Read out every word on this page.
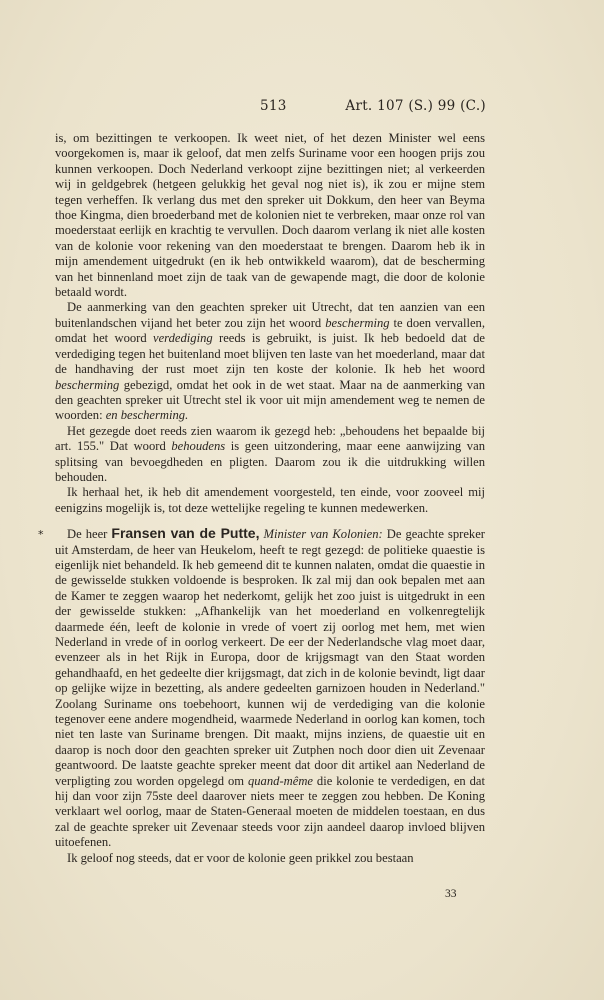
513	Art. 107 (S.) 99 (C.)
*

is, om bezittingen te verkoopen. Ik weet niet, of het dezen Minister wel eens voorgekomen is, maar ik geloof, dat men zelfs Suriname voor een hoogen prijs zou kunnen verkoopen. Doch Nederland verkoopt zijne bezittingen niet; al verkeerden wij in geldgebrek (hetgeen gelukkig het geval nog niet is), ik zou er mijne stem tegen verheffen. Ik verlang dus met den spreker uit Dokkum, den heer van Beyma thoe Kingma, dien broederband met de kolonien niet te verbreken, maar onze rol van moederstaat eerlijk en krachtig te vervullen. Doch daarom verlang ik niet alle kosten van de kolonie voor rekening van den moederstaat te brengen. Daarom heb ik in mijn amendement uitgedrukt (en ik heb ontwikkeld waarom), dat de bescherming van het binnenland moet zijn de taak van de gewapende magt, die door de kolonie betaald wordt.

De aanmerking van den geachten spreker uit Utrecht, dat ten aanzien van een buitenlandschen vijand het beter zou zijn het woord bescherming te doen vervallen, omdat het woord verdediging reeds is gebruikt, is juist. Ik heb bedoeld dat de verdediging tegen het buitenland moet blijven ten laste van het moederland, maar dat de handhaving der rust moet zijn ten koste der kolonie. Ik heb het woord bescherming gebezigd, omdat het ook in de wet staat. Maar na de aanmerking van den geachten spreker uit Utrecht stel ik voor uit mijn amendement weg te nemen de woorden: en bescherming.

Het gezegde doet reeds zien waarom ik gezegd heb: „behoudens het bepaalde bij art. 155." Dat woord behoudens is geen uitzondering, maar eene aanwijzing van splitsing van bevoegdheden en pligten. Daarom zou ik die uitdrukking willen behouden.

Ik herhaal het, ik heb dit amendement voorgesteld, ten einde, voor zooveel mij eenigzins mogelijk is, tot deze wettelijke regeling te kunnen medewerken.

De heer Fransen van de Putte, Minister van Kolonien: De geachte spreker uit Amsterdam, de heer van Heukelom, heeft te regt gezegd: de politieke quaestie is eigenlijk niet behandeld. Ik heb gemeend dit te kunnen nalaten, omdat die quaestie in de gewisselde stukken voldoende is besproken. Ik zal mij dan ook bepalen met aan de Kamer te zeggen waarop het nederkomt, gelijk het zoo juist is uitgedrukt in een der gewisselde stukken: „Afhankelijk van het moederland en volkenregtelijk daarmede één, leeft de kolonie in vrede of voert zij oorlog met hem, met wien Nederland in vrede of in oorlog verkeert. De eer der Nederlandsche vlag moet daar, evenzeer als in het Rijk in Europa, door de krijgsmagt van den Staat worden gehandhaafd, en het gedeelte dier krijgsmagt, dat zich in de kolonie bevindt, ligt daar op gelijke wijze in bezetting, als andere gedeelten garnizoen houden in Nederland." Zoolang Suriname ons toebehoort, kunnen wij de verdediging van die kolonie tegenover eene andere mogendheid, waarmede Nederland in oorlog kan komen, toch niet ten laste van Suriname brengen. Dit maakt, mijns inziens, de quaestie uit en daarop is noch door den geachten spreker uit Zutphen noch door dien uit Zevenaar geantwoord. De laatste geachte spreker meent dat door dit artikel aan Nederland de verpligting zou worden opgelegd om quand-même die kolonie te verdedigen, en dat hij dan voor zijn 75ste deel daarover niets meer te zeggen zou hebben. De Koning verklaart wel oorlog, maar de Staten-Generaal moeten de middelen toestaan, en dus zal de geachte spreker uit Zevenaar steeds voor zijn aandeel daarop invloed blijven uitoefenen.

Ik geloof nog steeds, dat er voor de kolonie geen prikkel zou bestaan

33
